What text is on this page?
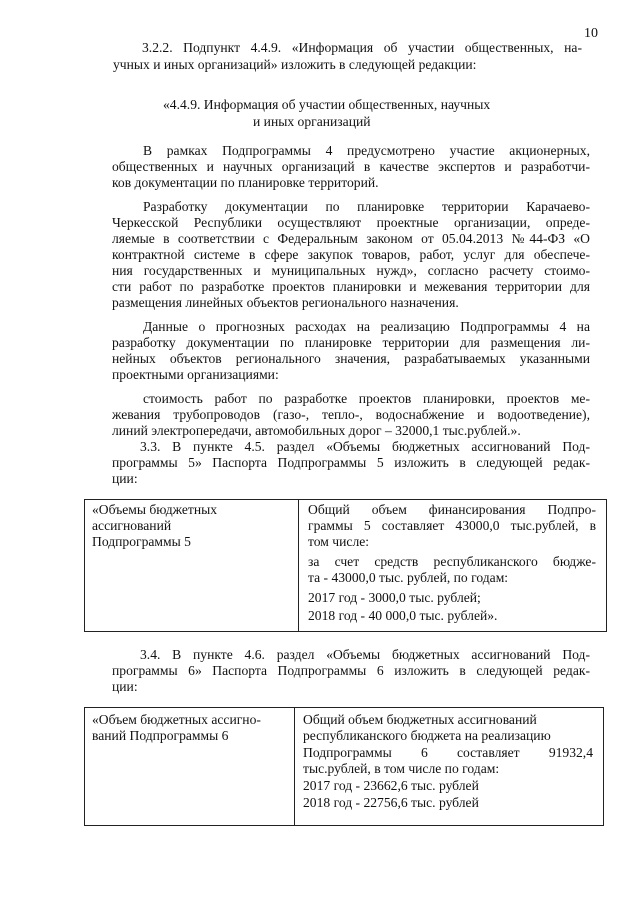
10
3.2.2. Подпункт 4.4.9. «Информация об участии общественных, на-
учных и иных организаций» изложить в следующей редакции:
«4.4.9. Информация об участии общественных, научных
и иных организаций
В рамках Подпрограммы 4 предусмотрено участие акционерных,
общественных и научных организаций в качестве экспертов и разработчи-
ков документации по планировке территорий.
Разработку документации по планировке территории Карачаево-
Черкесской Республики осуществляют проектные организации, опреде-
ляемые в соответствии с Федеральным законом от 05.04.2013 №44-ФЗ «О
контрактной системе в сфере закупок товаров, работ, услуг для обеспече-
ния государственных и муниципальных нужд», согласно расчету стоимо-
сти работ по разработке проектов планировки и межевания территории для
размещения линейных объектов регионального назначения.
Данные о прогнозных расходах на реализацию Подпрограммы 4 на
разработку документации по планировке территории для размещения ли-
нейных объектов регионального значения, разрабатываемых указанными
проектными организациями:
стоимость работ по разработке проектов планировки, проектов ме-
жевания трубопроводов (газо-, тепло-, водоснабжение и водоотведение),
линий электропередачи, автомобильных дорог – 32000,1 тыс.рублей.».
3.3. В пункте 4.5. раздел «Объемы бюджетных ассигнований Под-
программы 5» Паспорта Подпрограммы 5 изложить в следующей редак-
ции:
«Объемы бюджетных
ассигнований
Подпрограммы 5
Общий объем финансирования Подпро-
граммы 5 составляет 43000,0 тыс.рублей, в
том числе:
за счет средств республиканского бюдже-
та - 43000,0 тыс. рублей, по годам:
2017 год - 3000,0 тыс. рублей;
2018 год - 40 000,0 тыс. рублей».
3.4. В пункте 4.6. раздел «Объемы бюджетных ассигнований Под-
программы 6» Паспорта Подпрограммы 6 изложить в следующей редак-
ции:
«Объем бюджетных ассигно-
ваний Подпрограммы 6
Общий объем бюджетных ассигнований
республиканского бюджета на реализацию
Подпрограммы 6 составляет 91932,4
тыс.рублей, в том числе по годам:
2017 год - 23662,6 тыс. рублей
2018 год - 22756,6 тыс. рублей
